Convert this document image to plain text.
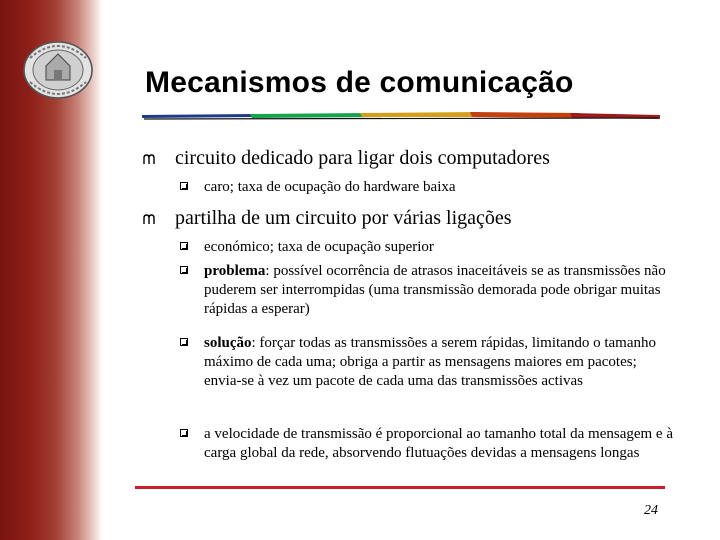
Mecanismos de comunicação
circuito dedicado para ligar dois computadores
caro; taxa de ocupação do hardware baixa
partilha de um circuito por várias ligações
económico; taxa de ocupação superior
problema: possível ocorrência de atrasos inaceitáveis se as transmissões não puderem ser interrompidas (uma transmissão demorada pode obrigar muitas rápidas a esperar)
solução: forçar todas as transmissões a serem rápidas, limitando o tamanho máximo de cada uma; obriga a partir as mensagens maiores em pacotes; envia-se à vez um pacote de cada uma das transmissões activas
a velocidade de transmissão é proporcional ao tamanho total da mensagem e à carga global da rede, absorvendo flutuações devidas a mensagens longas
24
